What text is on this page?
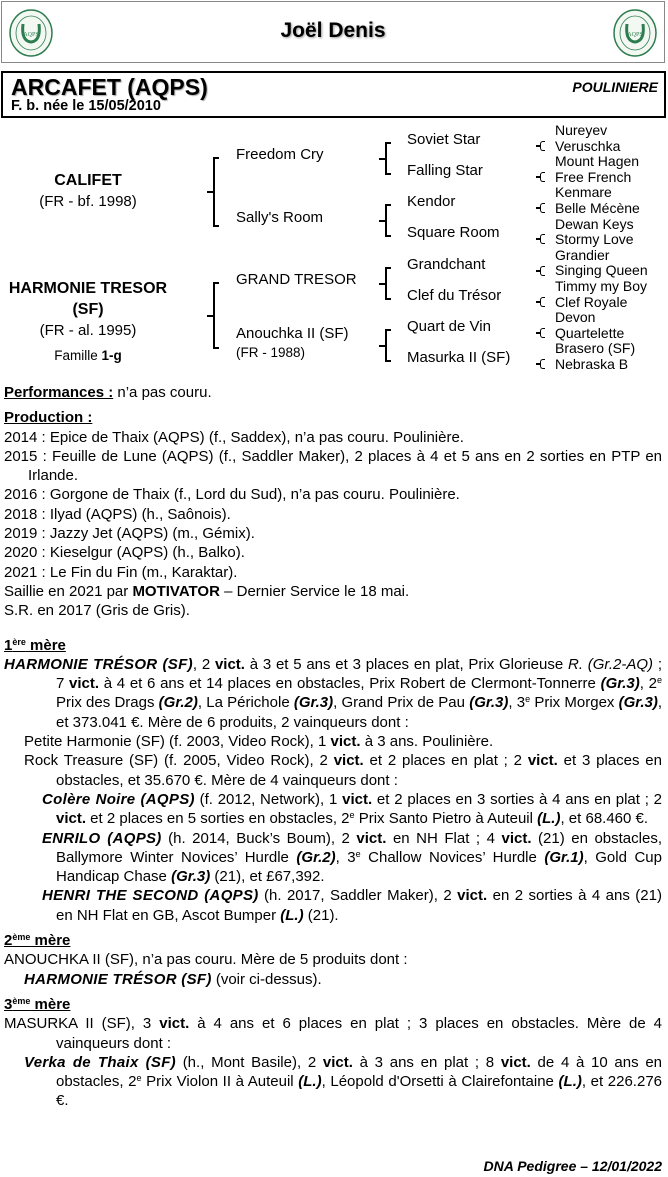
AQPS	Joël Denis	AQPS
ARCAFET (AQPS)
F. b. née le 15/05/2010
POULINIERE
CALIFET
(FR - bf. 1998)
HARMONIE TRESOR
(SF)
(FR - al. 1995)
Famille 1-g
Freedom Cry
Sally's Room
GRAND TRESOR
Anouchka II (SF)
(FR - 1988)
Soviet Star
Falling Star
Kendor
Square Room
Grandchant
Clef du Trésor
Quart de Vin
Masurka II (SF)
Nureyev
Veruschka
Mount Hagen
Free French
Kenmare
Belle Mécène
Dewan Keys
Stormy Love
Grandier
Singing Queen
Timmy my Boy
Clef Royale
Devon
Quartelette
Brasero (SF)
Nebraska B

Performances : n’a pas couru.

Production :

2014 : Epice de Thaix (AQPS) (f., Saddex), n’a pas couru. Poulinière.

2015 : Feuille de Lune (AQPS) (f., Saddler Maker), 2 places à 4 et 5 ans en 2 sorties en PTP en Irlande.

2016 : Gorgone de Thaix (f., Lord du Sud), n’a pas couru. Poulinière.

2018 : Ilyad (AQPS) (h., Saônois).

2019 : Jazzy Jet (AQPS) (m., Gémix).

2020 : Kieselgur (AQPS) (h., Balko).

2021 : Le Fin du Fin (m., Karaktar).

Saillie en 2021 par MOTIVATOR – Dernier Service le 18 mai.

S.R. en 2017 (Gris de Gris).

1ère mère

HARMONIE TRÉSOR (SF), 2 vict. à 3 et 5 ans et 3 places en plat, Prix Glorieuse R. (Gr.2-AQ) ; 7 vict. à 4 et 6 ans et 14 places en obstacles, Prix Robert de Clermont-Tonnerre (Gr.3), 2e Prix des Drags (Gr.2), La Périchole (Gr.3), Grand Prix de Pau (Gr.3), 3e Prix Morgex (Gr.3), et 373.041 €. Mère de 6 produits, 2 vainqueurs dont :

Petite Harmonie (SF) (f. 2003, Video Rock), 1 vict. à 3 ans. Poulinière.

Rock Treasure (SF) (f. 2005, Video Rock), 2 vict. et 2 places en plat ; 2 vict. et 3 places en obstacles, et 35.670 €. Mère de 4 vainqueurs dont :

Colère Noire (AQPS) (f. 2012, Network), 1 vict. et 2 places en 3 sorties à 4 ans en plat ; 2 vict. et 2 places en 5 sorties en obstacles, 2e Prix Santo Pietro à Auteuil (L.), et 68.460 €.

ENRILO (AQPS) (h. 2014, Buck’s Boum), 2 vict. en NH Flat ; 4 vict. (21) en obstacles, Ballymore Winter Novices’ Hurdle (Gr.2), 3e Challow Novices’ Hurdle (Gr.1), Gold Cup Handicap Chase (Gr.3) (21), et £67,392.

HENRI THE SECOND (AQPS) (h. 2017, Saddler Maker), 2 vict. en 2 sorties à 4 ans (21) en NH Flat en GB, Ascot Bumper (L.) (21).

2ème mère

ANOUCHKA II (SF), n’a pas couru. Mère de 5 produits dont :

HARMONIE TRÉSOR (SF) (voir ci-dessus).

3ème mère

MASURKA II (SF), 3 vict. à 4 ans et 6 places en plat ; 3 places en obstacles. Mère de 4 vainqueurs dont :

Verka de Thaix (SF) (h., Mont Basile), 2 vict. à 3 ans en plat ; 8 vict. de 4 à 10 ans en obstacles, 2e Prix Violon II à Auteuil (L.), Léopold d'Orsetti à Clairefontaine (L.), et 226.276 €.

DNA Pedigree – 12/01/2022
